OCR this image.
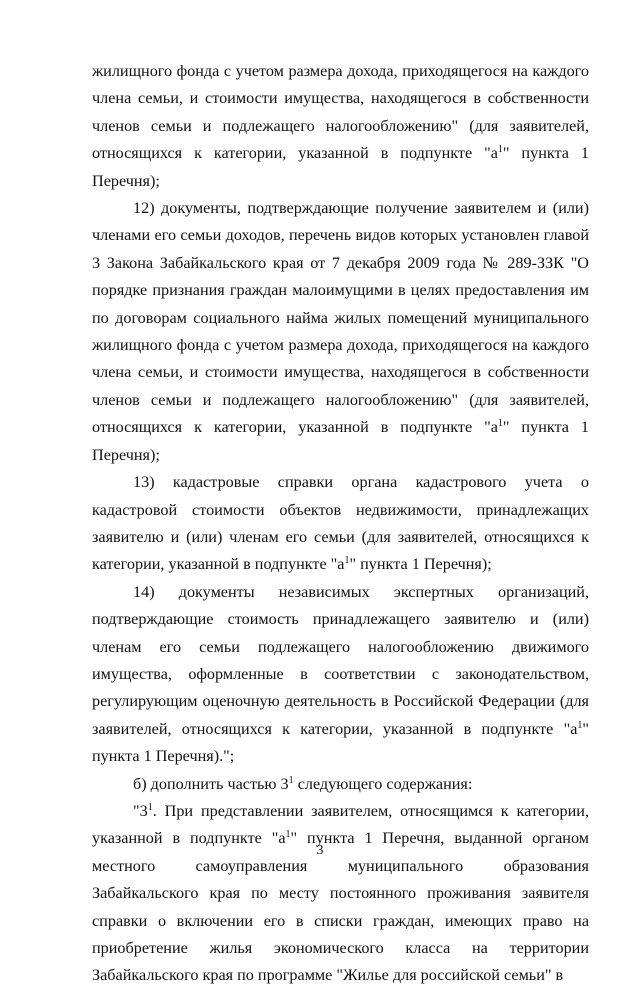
жилищного фонда с учетом размера дохода, приходящегося на каждого члена семьи, и стоимости имущества, находящегося в собственности членов семьи и подлежащего налогообложению" (для заявителей, относящихся к категории, указанной в подпункте "$а^1$" пункта 1 Перечня);

12) документы, подтверждающие получение заявителем и (или) членами его семьи доходов, перечень видов которых установлен главой 3 Закона Забайкальского края от 7 декабря 2009 года № 289-ЗЗК "О порядке признания граждан малоимущими в целях предоставления им по договорам социального найма жилых помещений муниципального жилищного фонда с учетом размера дохода, приходящегося на каждого члена семьи, и стоимости имущества, находящегося в собственности членов семьи и подлежащего налогообложению" (для заявителей, относящихся к категории, указанной в подпункте "$а^1$" пункта 1 Перечня);

13) кадастровые справки органа кадастрового учета о кадастровой стоимости объектов недвижимости, принадлежащих заявителю и (или) членам его семьи (для заявителей, относящихся к категории, указанной в подпункте "$а^1$" пункта 1 Перечня);

14) документы независимых экспертных организаций, подтверждающие стоимость принадлежащего заявителю и (или) членам его семьи подлежащего налогообложению движимого имущества, оформленные в соответствии с законодательством, регулирующим оценочную деятельность в Российской Федерации (для заявителей, относящихся к категории, указанной в подпункте "$а^1$" пункта 1 Перечня).";

б) дополнить частью $3^1$ следующего содержания:

"$3^1$. При представлении заявителем, относящимся к категории, указанной в подпункте "$а^1$" пункта 1 Перечня, выданной органом местного самоуправления муниципального образования Забайкальского края по месту постоянного проживания заявителя справки о включении его в списки граждан, имеющих право на приобретение жилья экономического класса на территории Забайкальского края по программе "Жилье для российской семьи" в

3
